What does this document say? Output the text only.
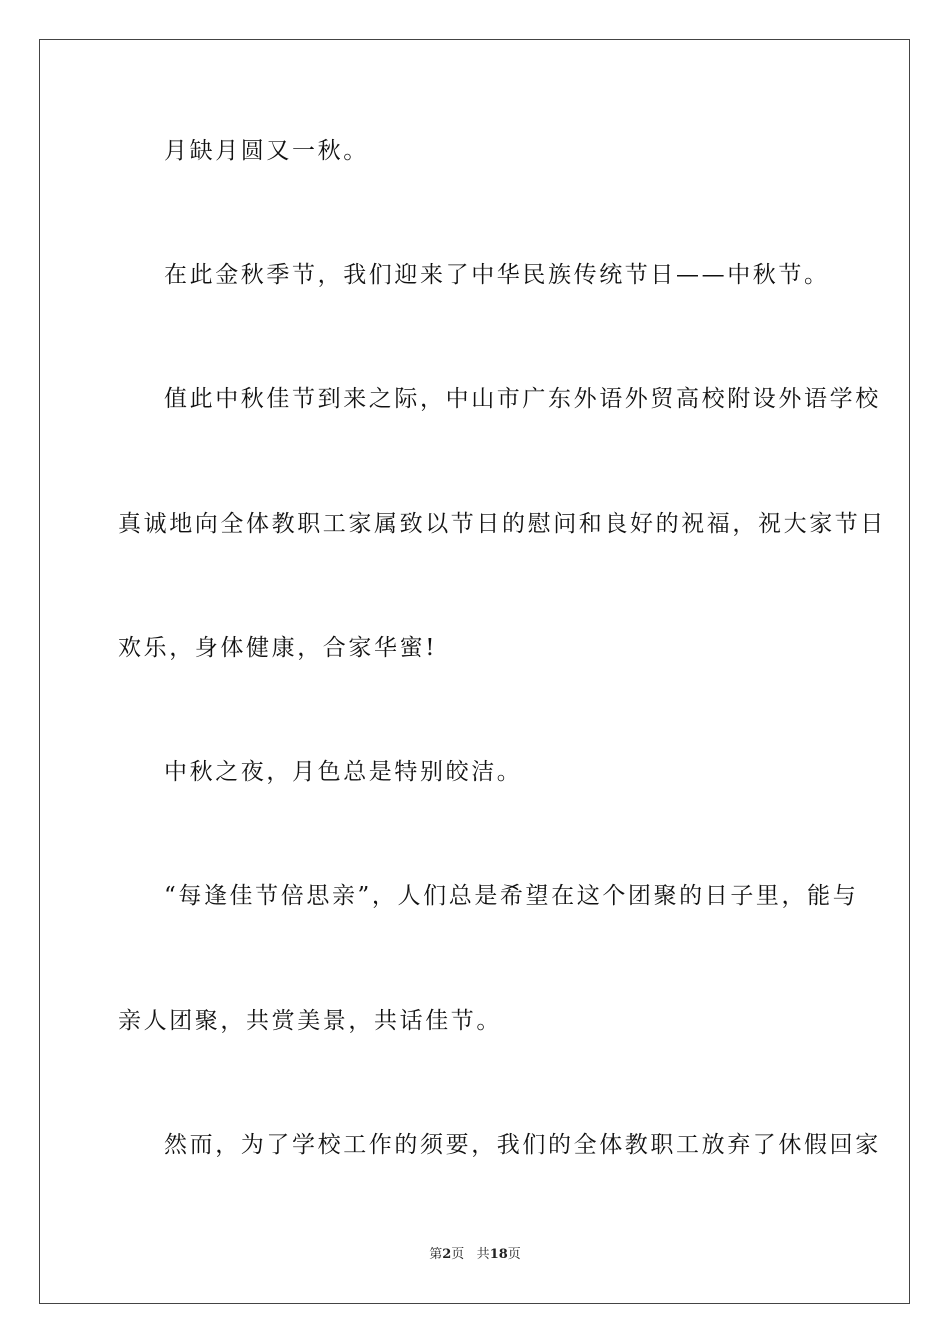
月缺月圆又一秋。
在此金秋季节，我们迎来了中华民族传统节日——中秋节。
值此中秋佳节到来之际，中山市广东外语外贸高校附设外语学校
真诚地向全体教职工家属致以节日的慰问和良好的祝福，祝大家节日
欢乐，身体健康，合家华蜜!
中秋之夜，月色总是特别皎洁。
“每逢佳节倍思亲”，人们总是希望在这个团聚的日子里，能与
亲人团聚，共赏美景，共话佳节。
然而，为了学校工作的须要，我们的全体教职工放弃了休假回家
第2页 共18页
